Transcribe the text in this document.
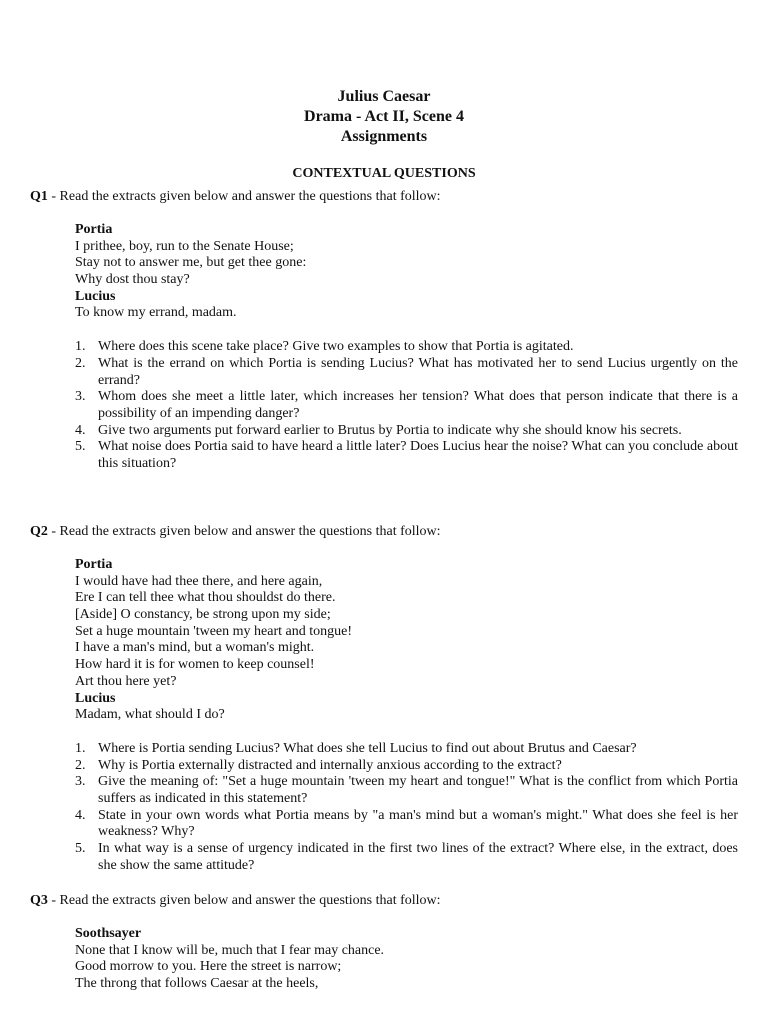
Julius Caesar
Drama - Act II, Scene 4
Assignments
CONTEXTUAL QUESTIONS
Q1 - Read the extracts given below and answer the questions that follow:
Portia
I prithee, boy, run to the Senate House;
Stay not to answer me, but get thee gone:
Why dost thou stay?
Lucius
To know my errand, madam.
1. Where does this scene take place? Give two examples to show that Portia is agitated.
2. What is the errand on which Portia is sending Lucius? What has motivated her to send Lucius urgently on the errand?
3. Whom does she meet a little later, which increases her tension? What does that person indicate that there is a possibility of an impending danger?
4. Give two arguments put forward earlier to Brutus by Portia to indicate why she should know his secrets.
5. What noise does Portia said to have heard a little later? Does Lucius hear the noise? What can you conclude about this situation?
Q2 - Read the extracts given below and answer the questions that follow:
Portia
I would have had thee there, and here again,
Ere I can tell thee what thou shouldst do there.
[Aside] O constancy, be strong upon my side;
Set a huge mountain 'tween my heart and tongue!
I have a man's mind, but a woman's might.
How hard it is for women to keep counsel!
Art thou here yet?
Lucius
Madam, what should I do?
1. Where is Portia sending Lucius? What does she tell Lucius to find out about Brutus and Caesar?
2. Why is Portia externally distracted and internally anxious according to the extract?
3. Give the meaning of: "Set a huge mountain 'tween my heart and tongue!" What is the conflict from which Portia suffers as indicated in this statement?
4. State in your own words what Portia means by "a man's mind but a woman's might." What does she feel is her weakness? Why?
5. In what way is a sense of urgency indicated in the first two lines of the extract? Where else, in the extract, does she show the same attitude?
Q3 - Read the extracts given below and answer the questions that follow:
Soothsayer
None that I know will be, much that I fear may chance.
Good morrow to you. Here the street is narrow;
The throng that follows Caesar at the heels,
